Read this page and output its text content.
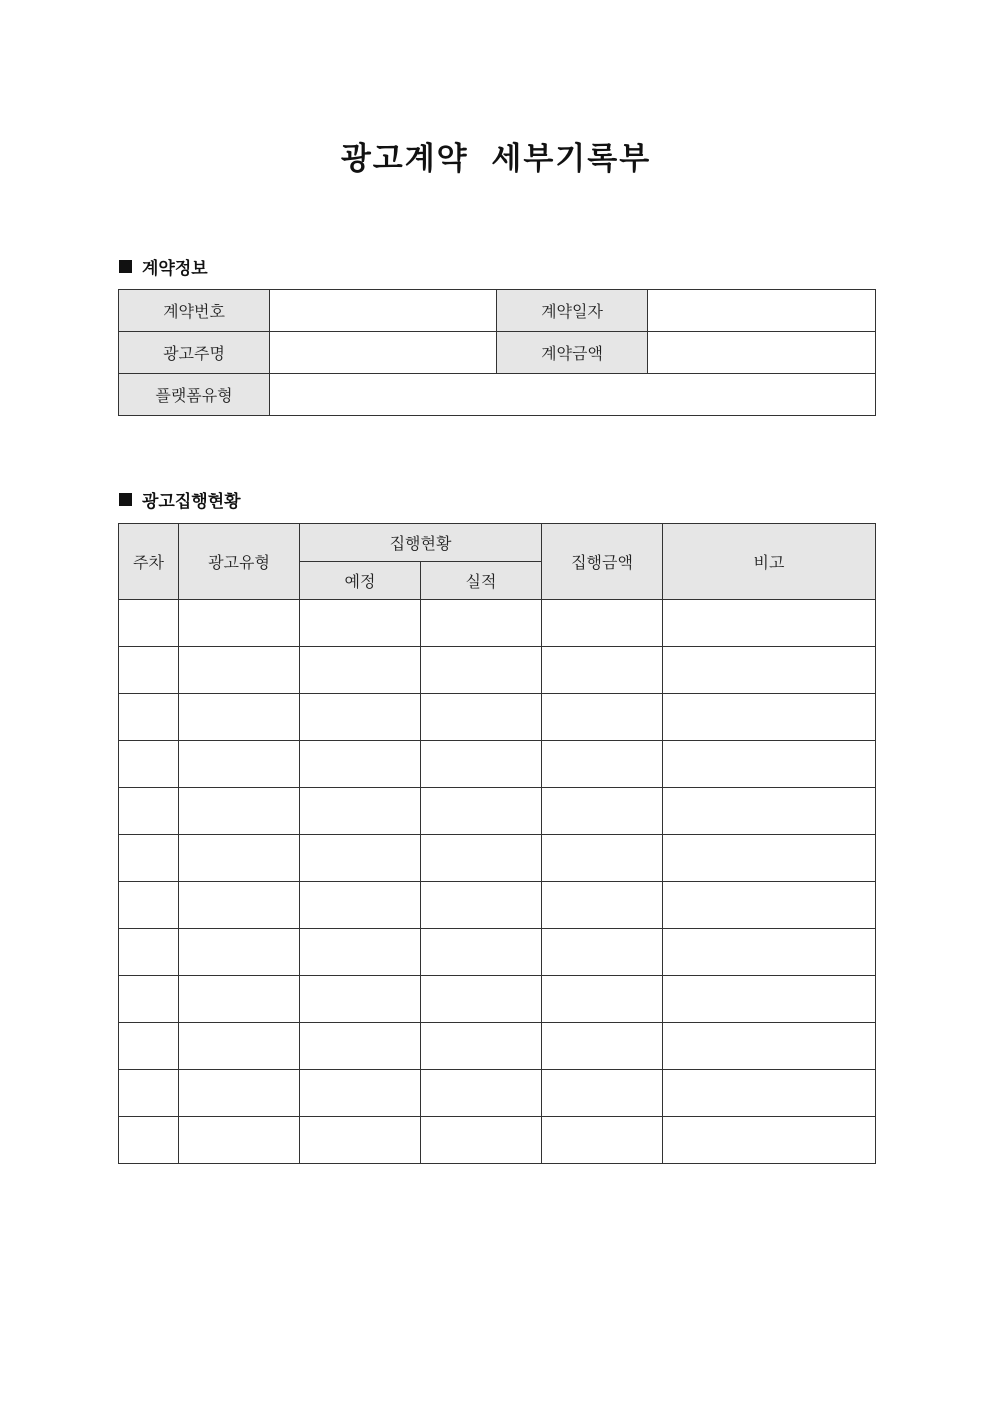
광고계약 세부기록부
계약정보
계약번호		계약일자	
광고주명		계약금액	
플랫폼유형			
광고집행현황
주차	광고유형	집행현황		집행금액	비고
		예정	실적		
